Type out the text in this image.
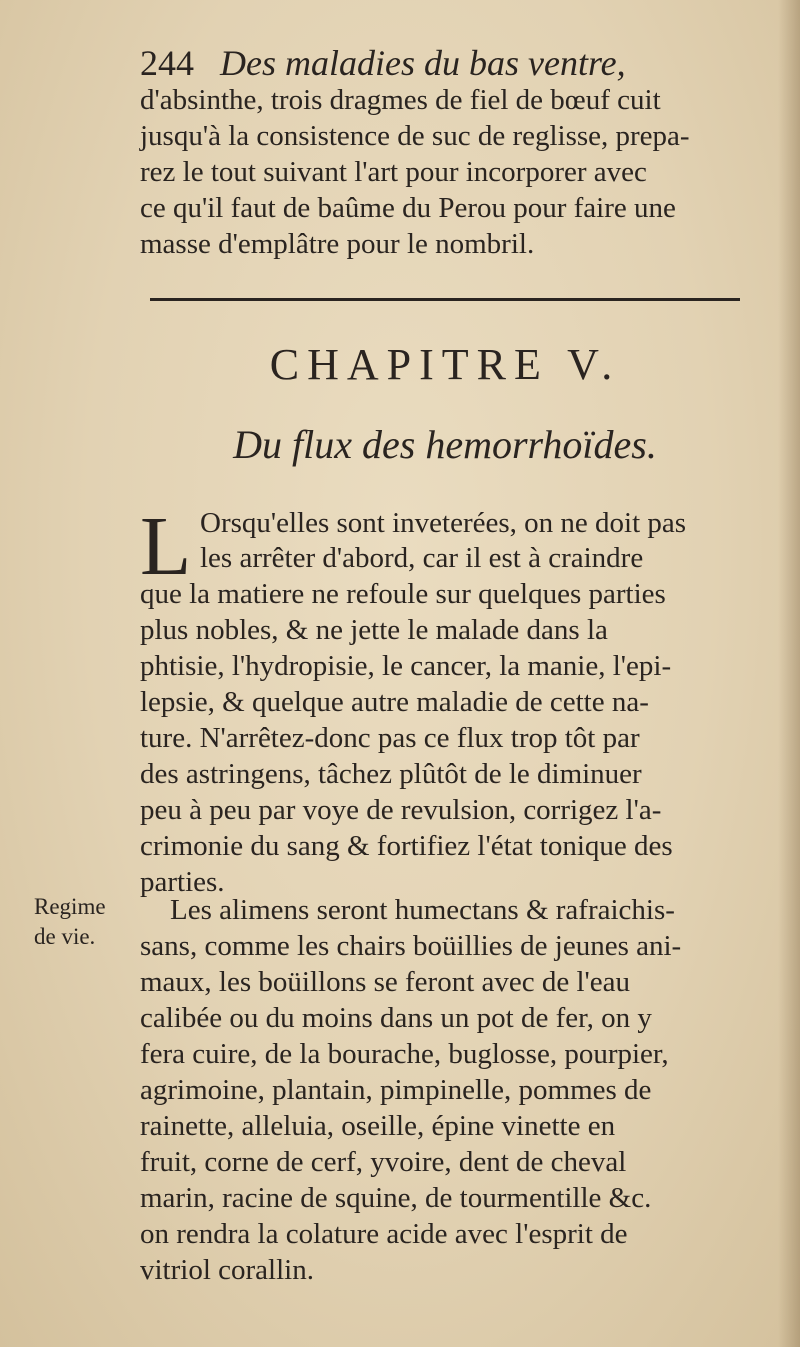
244 Des maladies du bas ventre,
d'absinthe, trois dragmes de fiel de bœuf cuit
jusqu'à la consistence de suc de reglisse, prepa-
rez le tout suivant l'art pour incorporer avec
ce qu'il faut de baûme du Perou pour faire une
masse d'emplâtre pour le nombril.
CHAPITRE V.
Du flux des hemorrhoïdes.
L Orsqu'elles sont inveterées, on ne doit pas
les arrêter d'abord, car il est à craindre
que la matiere ne refoule sur quelques parties
plus nobles, & ne jette le malade dans la
phtisie, l'hydropisie, le cancer, la manie, l'epi-
lepsie, & quelque autre maladie de cette na-
ture. N'arrêtez-donc pas ce flux trop tôt par
des astringens, tâchez plûtôt de le diminuer
peu à peu par voye de revulsion, corrigez l'a-
crimonie du sang & fortifiez l'état tonique des
parties.
Regime
de vie.
Les alimens seront humectans & rafraichis-
sans, comme les chairs boüillies de jeunes ani-
maux, les boüillons se feront avec de l'eau
calibée ou du moins dans un pot de fer, on y
fera cuire, de la bourache, buglosse, pourpier,
agrimoine, plantain, pimpinelle, pommes de
rainette, alleluia, oseille, épine vinette en
fruit, corne de cerf, yvoire, dent de cheval
marin, racine de squine, de tourmentille &c.
on rendra la colature acide avec l'esprit de
vitriol corallin.
